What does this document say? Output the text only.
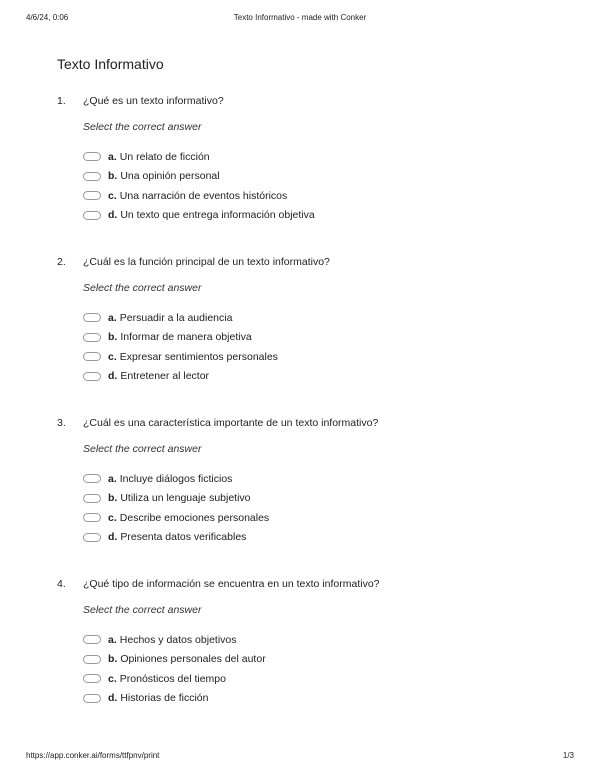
4/6/24, 0:06	Texto Informativo - made with Conker
Texto Informativo
1. ¿Qué es un texto informativo?
Select the correct answer
a. Un relato de ficción
b. Una opinión personal
c. Una narración de eventos históricos
d. Un texto que entrega información objetiva
2. ¿Cuál es la función principal de un texto informativo?
Select the correct answer
a. Persuadir a la audiencia
b. Informar de manera objetiva
c. Expresar sentimientos personales
d. Entretener al lector
3. ¿Cuál es una característica importante de un texto informativo?
Select the correct answer
a. Incluye diálogos ficticios
b. Utiliza un lenguaje subjetivo
c. Describe emociones personales
d. Presenta datos verificables
4. ¿Qué tipo de información se encuentra en un texto informativo?
Select the correct answer
a. Hechos y datos objetivos
b. Opiniones personales del autor
c. Pronósticos del tiempo
d. Historias de ficción
https://app.conker.ai/forms/ttfpnv/print	1/3
